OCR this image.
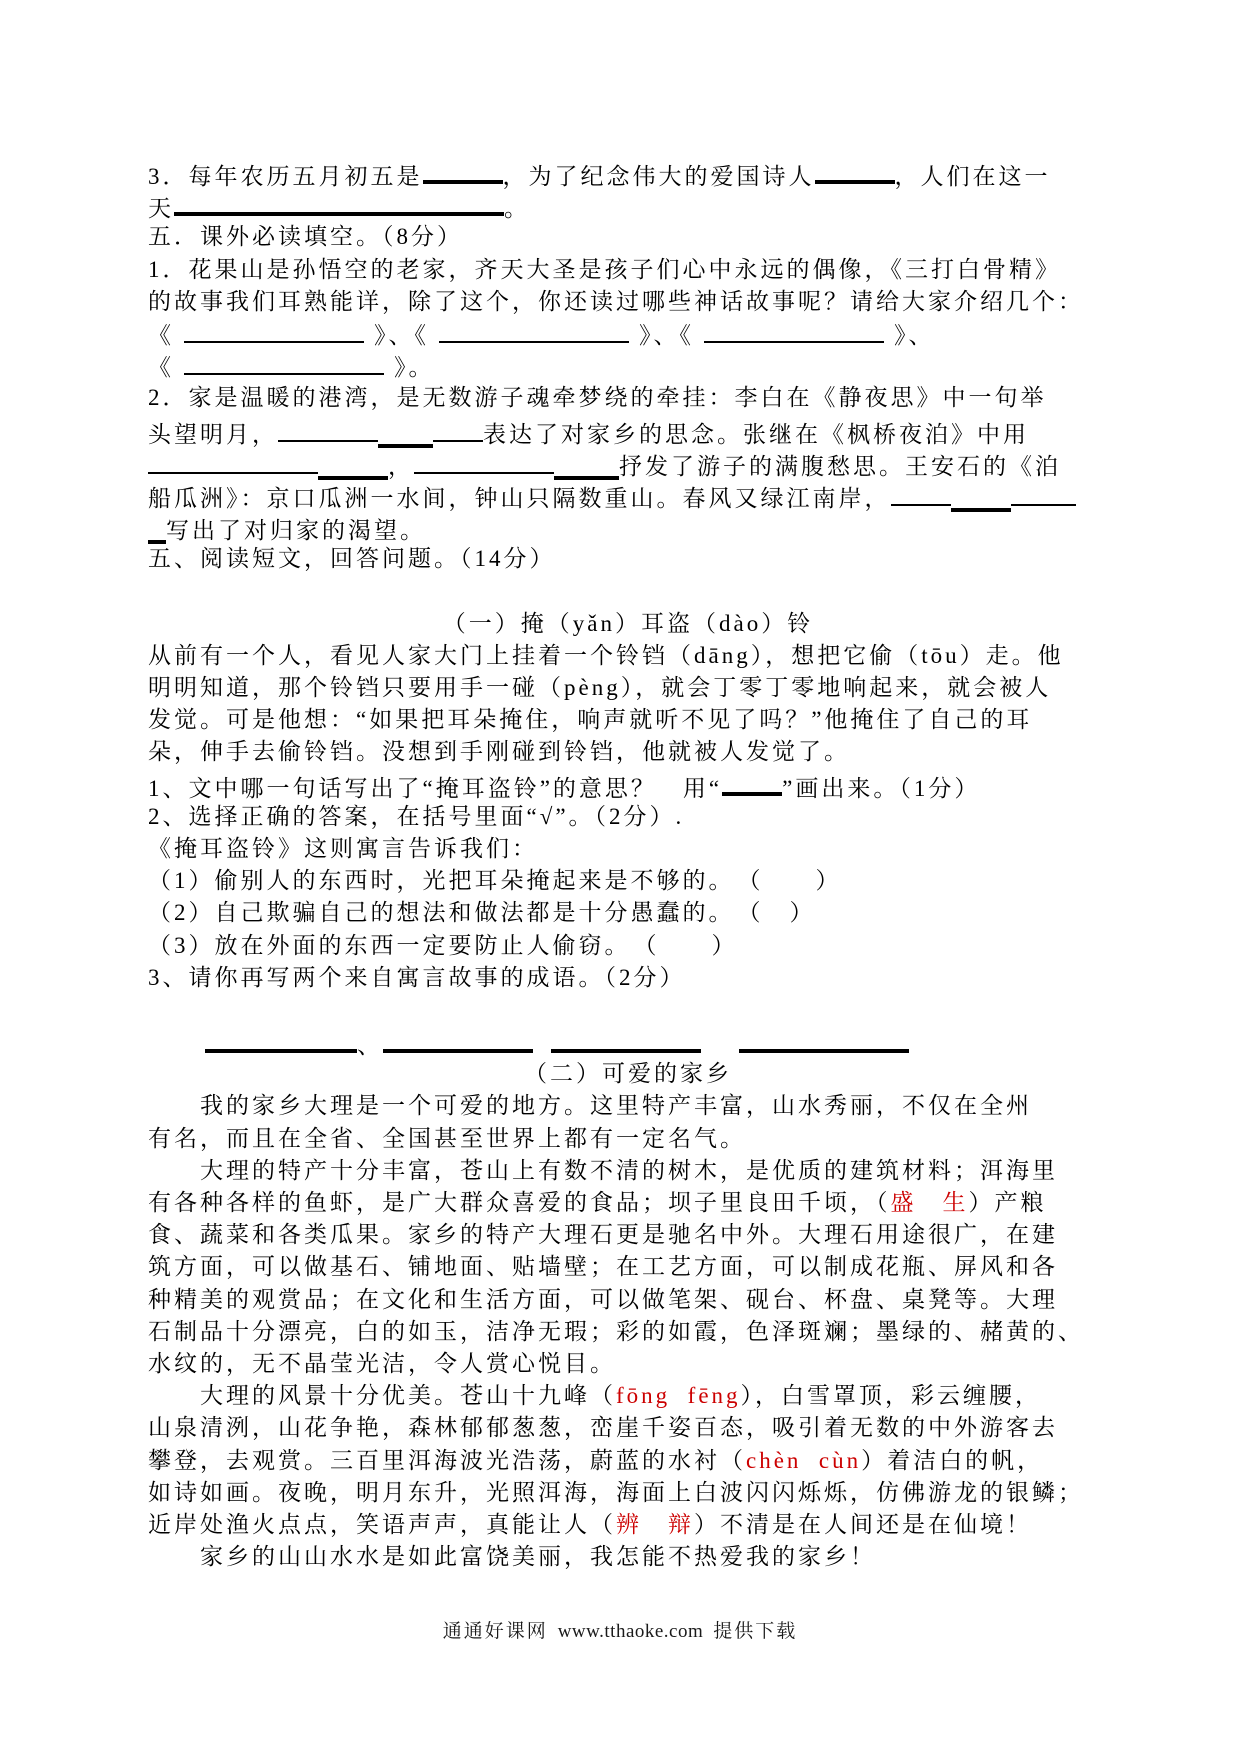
3．每年农历五月初五是	，为了纪念伟大的爱国诗人	，人们在这一
天	。
五．课外必读填空。（8分）
1．花果山是孙悟空的老家，齐天大圣是孩子们心中永远的偶像，《三打白骨精》
的故事我们耳熟能详，除了这个，你还读过哪些神话故事呢？请给大家介绍几个：
《	》、《	》、《	》、
《	》。
2．家是温暖的港湾，是无数游子魂牵梦绕的牵挂：李白在《静夜思》中一句举
头望明月，	表达了对家乡的思念。张继在《枫桥夜泊》中用
，	抒发了游子的满腹愁思。王安石的《泊
船瓜洲》：京口瓜洲一水间，钟山只隔数重山。春风又绿江南岸，
写出了对归家的渴望。
五、阅读短文，回答问题。（14分）
（一）掩（yǎn）耳盗（dào）铃
从前有一个人，看见人家大门上挂着一个铃铛（dāng），想把它偷（tōu）走。他
明明知道，那个铃铛只要用手一碰（pèng），就会丁零丁零地响起来，就会被人
发觉。可是他想：“如果把耳朵掩住，响声就听不见了吗？”他掩住了自己的耳
朵，伸手去偷铃铛。没想到手刚碰到铃铛，他就被人发觉了。
1、文中哪一句话写出了“掩耳盗铃”的意思？　用“	”画出来。（1分）
2、选择正确的答案，在括号里面“√”。（2分）.
《掩耳盗铃》这则寓言告诉我们：
（1）偷别人的东西时，光把耳朵掩起来是不够的。　（　　）
（2）自己欺骗自己的想法和做法都是十分愚蠢的。　（　）
（3）放在外面的东西一定要防止人偷窃。　（　　）
3、请你再写两个来自寓言故事的成语。（2分）
、
（二）可爱的家乡
　　我的家乡大理是一个可爱的地方。这里特产丰富，山水秀丽，不仅在全州
有名，而且在全省、全国甚至世界上都有一定名气。
　　大理的特产十分丰富，苍山上有数不清的树木，是优质的建筑材料；洱海里
有各种各样的鱼虾，是广大群众喜爱的食品；坝子里良田千顷，（盛　生）产粮
食、蔬菜和各类瓜果。家乡的特产大理石更是驰名中外。大理石用途很广，在建
筑方面，可以做基石、铺地面、贴墙壁；在工艺方面，可以制成花瓶、屏风和各
种精美的观赏品；在文化和生活方面，可以做笔架、砚台、杯盘、桌凳等。大理
石制品十分漂亮，白的如玉，洁净无瑕；彩的如霞，色泽斑斓；墨绿的、赭黄的、
水纹的，无不晶莹光洁，令人赏心悦目。
　　大理的风景十分优美。苍山十九峰（fōng  fēng），白雪罩顶，彩云缠腰，
山泉清洌，山花争艳，森林郁郁葱葱，峦崖千姿百态，吸引着无数的中外游客去
攀登，去观赏。三百里洱海波光浩荡，蔚蓝的水衬（chèn  cùn）着洁白的帆，
如诗如画。夜晚，明月东升，光照洱海，海面上白波闪闪烁烁，仿佛游龙的银鳞；
近岸处渔火点点，笑语声声，真能让人（辨　辩）不清是在人间还是在仙境！
　　家乡的山山水水是如此富饶美丽，我怎能不热爱我的家乡！
通通好课网 www.tthaoke.com 提供下载
